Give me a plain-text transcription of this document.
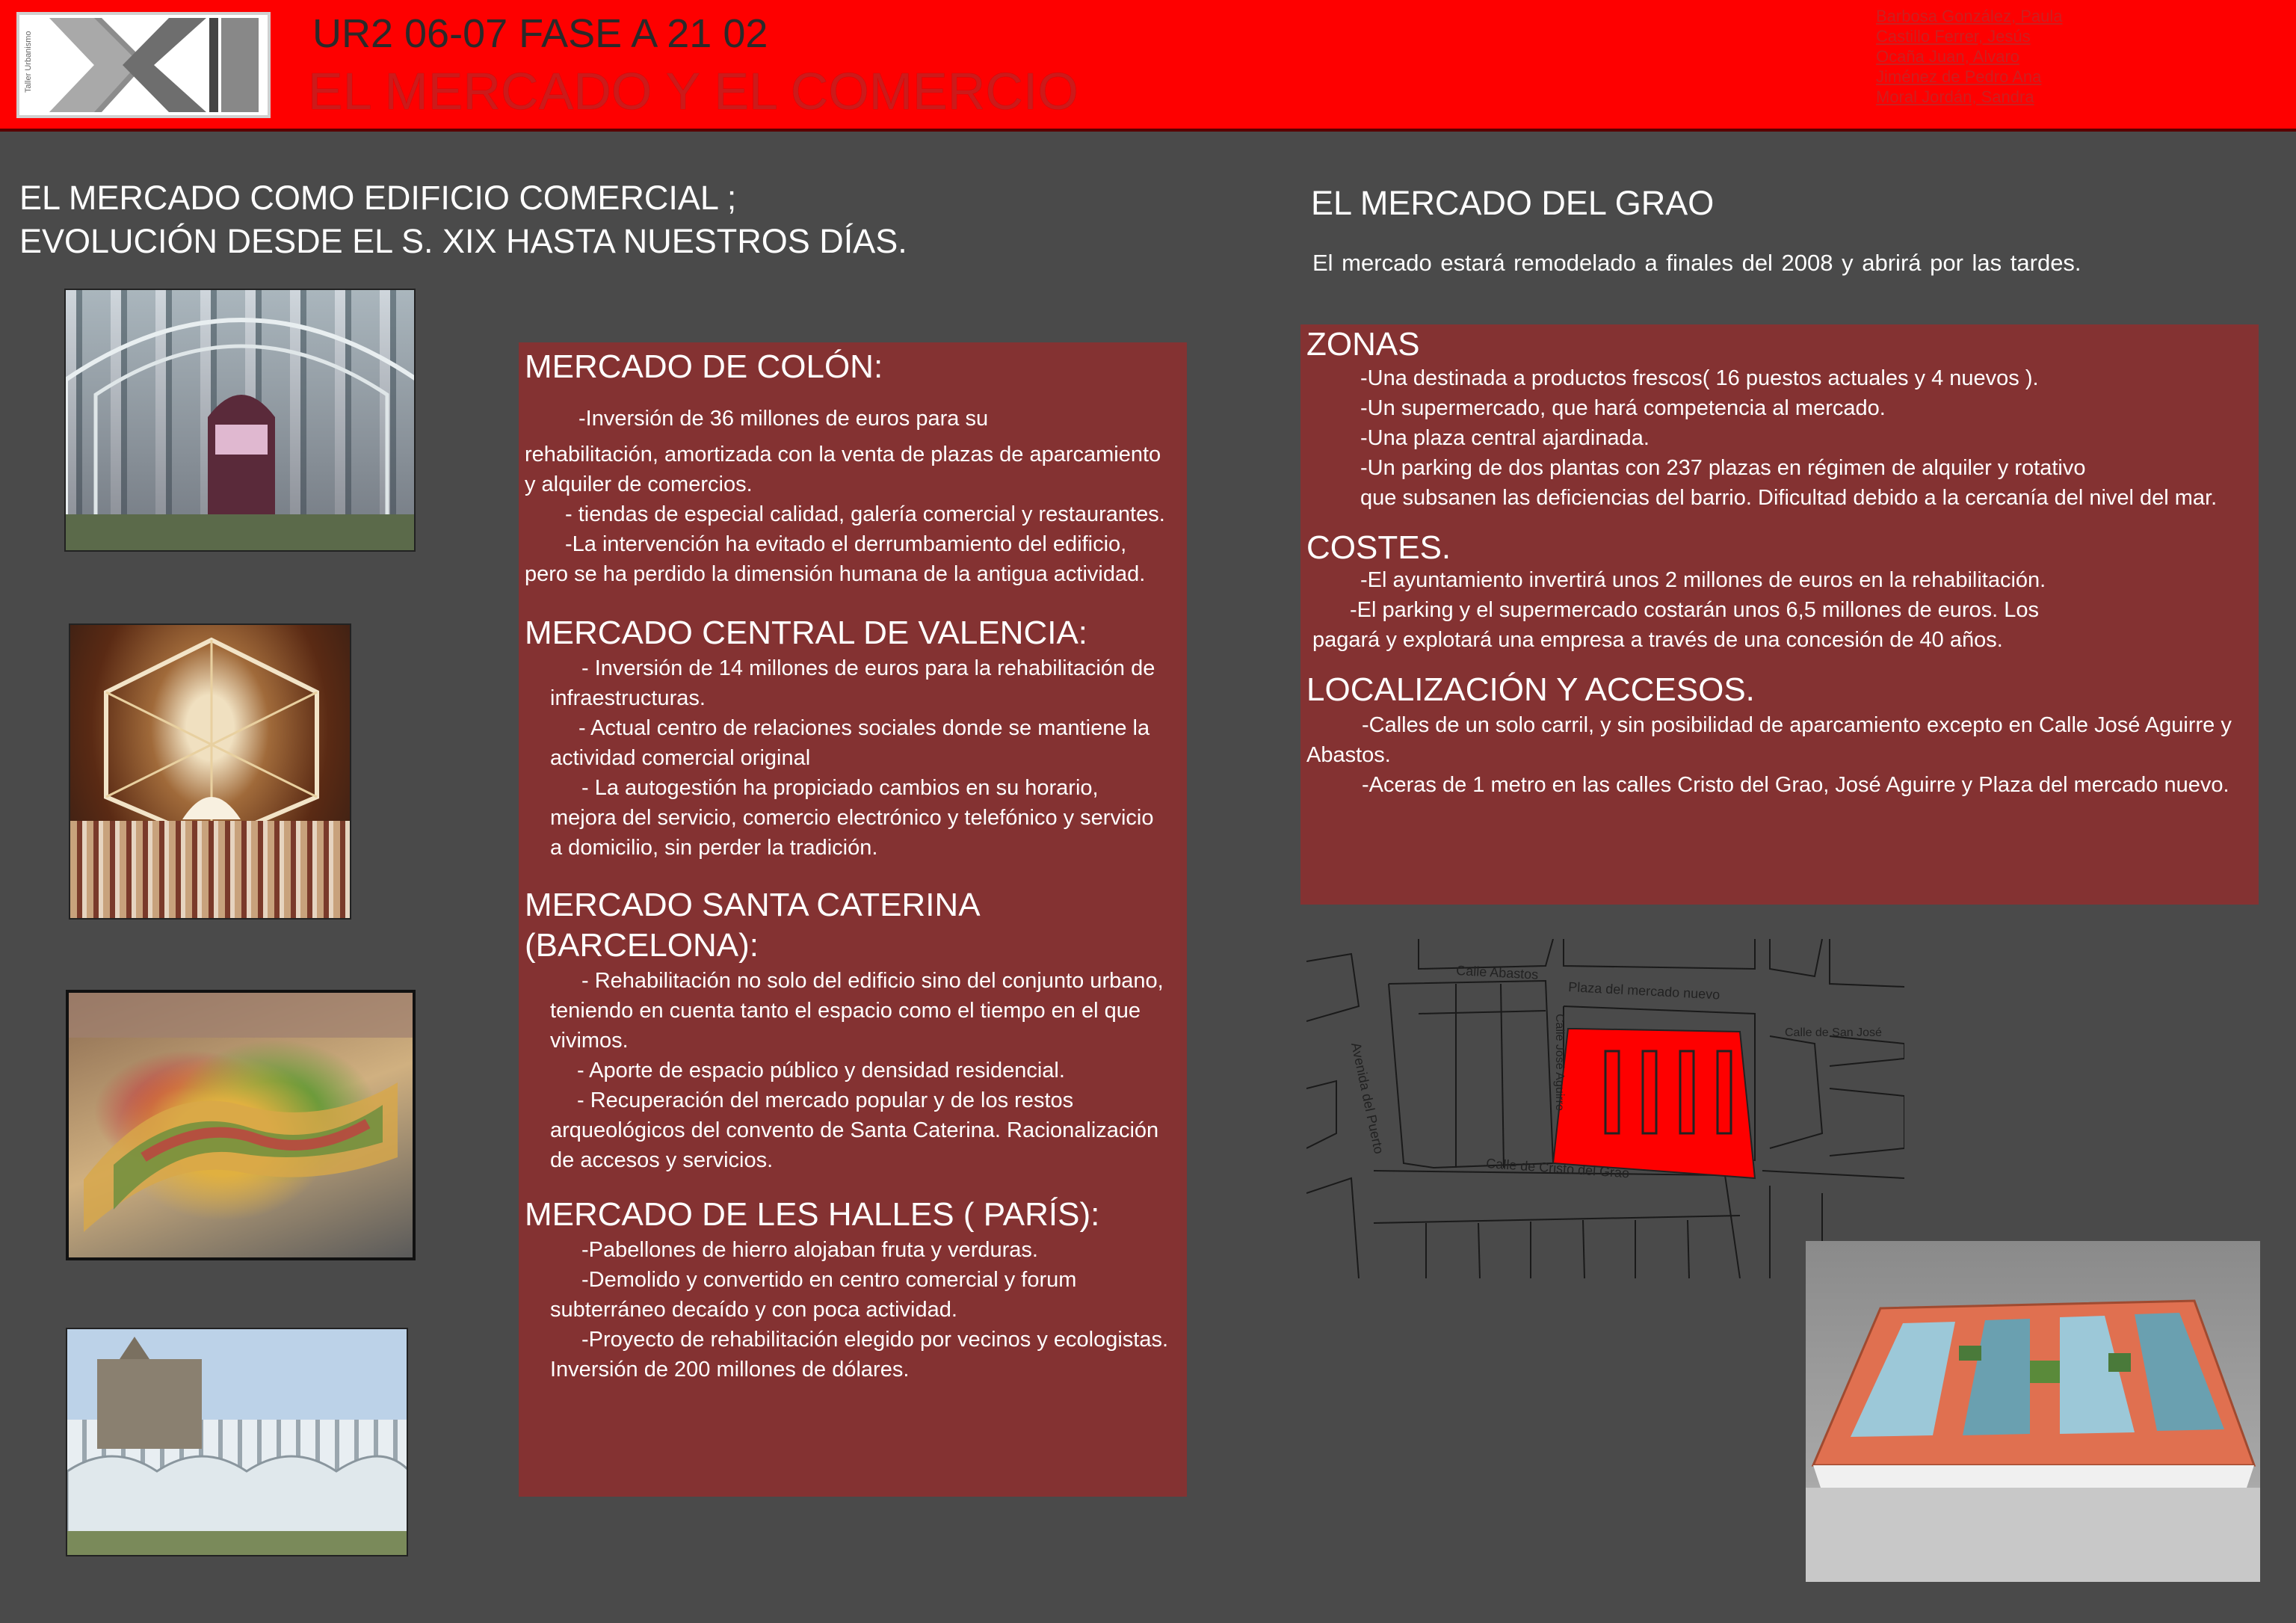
Taller Urbanismo	UR2 06-07 FASE A 21 02
EL MERCADO Y EL COMERCIO
Barbosa González, Paula
Castillo Ferrer, Jesús
Ocaña Juan, Alvaro
Jiménez de Pedro Ana
Moral Jordán, Sandra
EL MERCADO COMO EDIFICIO COMERCIAL ;
EVOLUCIÓN DESDE EL S. XIX HASTA NUESTROS DÍAS.
EL MERCADO DEL GRAO
El mercado estará remodelado a finales del 2008 y abrirá por las tardes.
MERCADO DE COLÓN:
-Inversión de 36 millones de euros para su
rehabilitación, amortizada con la venta de plazas de aparcamiento y alquiler de comercios.
- tiendas de especial calidad, galería comercial y restaurantes.
-La intervención ha evitado el derrumbamiento del edificio, pero se ha perdido la dimensión humana de la antigua actividad.
MERCADO CENTRAL DE VALENCIA:
- Inversión de 14 millones de euros para la rehabilitación de infraestructuras.
- Actual centro de relaciones sociales donde se mantiene la actividad comercial original
- La autogestión ha propiciado cambios en su horario, mejora del servicio, comercio electrónico y telefónico y servicio a domicilio, sin perder la tradición.
MERCADO SANTA CATERINA (BARCELONA):
- Rehabilitación no solo del edificio sino del conjunto urbano, teniendo en cuenta tanto el espacio como el tiempo en el que vivimos.
- Aporte de espacio público y densidad residencial.
- Recuperación del mercado popular y de los restos arqueológicos del convento de Santa Caterina. Racionalización de accesos y servicios.
MERCADO DE LES HALLES ( PARÍS):
-Pabellones de hierro alojaban fruta y verduras.
-Demolido y convertido en centro comercial y forum subterráneo decaído y con poca actividad.
-Proyecto de rehabilitación elegido por vecinos y ecologistas. Inversión de 200 millones de dólares.
ZONAS
-Una destinada a productos frescos( 16 puestos actuales y 4 nuevos ).
-Un supermercado, que hará competencia al mercado.
-Una plaza central ajardinada.
-Un parking de dos plantas con 237 plazas en régimen de alquiler y rotativo
que subsanen las deficiencias del barrio. Dificultad debido a la cercanía del nivel del mar.
COSTES.
-El ayuntamiento invertirá unos 2 millones de euros en la rehabilitación.
-El parking y el supermercado costarán unos 6,5 millones de euros. Los
pagará y explotará una empresa a través de una concesión de 40 años.
LOCALIZACIÓN Y ACCESOS.
-Calles de un solo carril, y sin posibilidad de aparcamiento excepto en Calle José Aguirre y Abastos.
-Aceras de 1 metro en las calles Cristo del Grao, José Aguirre y Plaza del mercado nuevo.
Calle Abastos
Plaza del mercado nuevo
Calle de San José
Avenida del Puerto
Calle de Cristo del Grao
Calle José Aguirre
